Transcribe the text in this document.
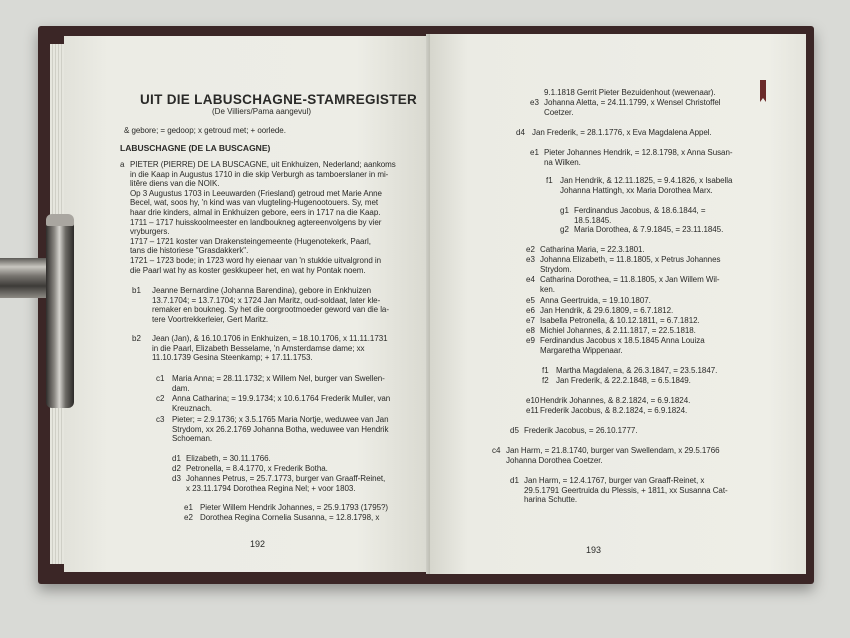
UIT DIE LABUSCHAGNE-STAMREGISTER
(De Villiers/Pama aangevul)
& gebore; = gedoop; x getroud met; + oorlede.
LABUSCHAGNE (DE LA BUSCAGNE)
192
a PIETER (PIERRE) DE LA BUSCAGNE, uit Enkhuizen, Nederland; aankoms
in die Kaap in Augustus 1710 in die skip Verburgh as tamboerslaner in mi-
litêre diens van die NOIK.
Op 3 Augustus 1703 in Leeuwarden (Friesland) getroud met Marie Anne
Becel, wat, soos hy, 'n kind was van vlugteling-Hugenootouers. Sy, met
haar drie kinders, almal in Enkhuizen gebore, eers in 1717 na die Kaap.
1711 – 1717 huisskoolmeester en landboukneg agtereenvolgens by vier
vryburgers.
1717 – 1721 koster van Drakensteingemeente (Hugenotekerk, Paarl,
tans die historiese "Grasdakkerk".
1721 – 1723 bode; in 1723 word hy eienaar van 'n stukkie uitvalgrond in
die Paarl wat hy as koster geskkupeer het, en wat hy Pontak noem.
b1 Jeanne Bernardine (Johanna Barendina), gebore in Enkhuizen
13.7.1704; = 13.7.1704; x 1724 Jan Maritz, oud-soldaat, later kle-
remaker en boukneg. Sy het die oorgrootmoeder geword van die la-
tere Voortrekkerleier, Gert Maritz.
b2 Jean (Jan), & 16.10.1706 in Enkhuizen, = 18.10.1706, x 11.11.1731
in die Paarl, Elizabeth Besselame, 'n Amsterdamse dame; xx
11.10.1739 Gesina Steenkamp; + 17.11.1753.
c1 Maria Anna; = 28.11.1732; x Willem Nel, burger van Swellen-
dam.
c2 Anna Catharina; = 19.9.1734; x 10.6.1764 Frederik Muller, van
Kreuznach.
c3 Pieter; = 2.9.1736; x 3.5.1765 Maria Nortje, weduwee van Jan
Strydom, xx 26.2.1769 Johanna Botha, weduwee van Hendrik
Schoeman.
d1 Elizabeth, = 30.11.1766.
d2 Petronella, = 8.4.1770, x Frederik Botha.
d3 Johannes Petrus, = 25.7.1773, burger van Graaff-Reinet,
x 23.11.1794 Dorothea Regina Nel; + voor 1803.
e1 Pieter Willem Hendrik Johannes, = 25.9.1793 (1795?)
e2 Dorothea Regina Cornelia Susanna, = 12.8.1798, x
193
9.1.1818 Gerrit Pieter Bezuidenhout (wewenaar).
e3 Johanna Aletta, = 24.11.1799, x Wensel Christoffel
Coetzer.
d4 Jan Frederik, = 28.1.1776, x Eva Magdalena Appel.
e1 Pieter Johannes Hendrik, = 12.8.1798, x Anna Susan-
na Wilken.
f1 Jan Hendrik, & 12.11.1825, = 9.4.1826, x Isabella
Johanna Hattingh, xx Maria Dorothea Marx.
g1 Ferdinandus Jacobus, & 18.6.1844, =
18.5.1845.
g2 Maria Dorothea, & 7.9.1845, = 23.11.1845.
e2 Catharina Maria, = 22.3.1801.
e3 Johanna Elizabeth, = 11.8.1805, x Petrus Johannes
Strydom.
e4 Catharina Dorothea, = 11.8.1805, x Jan Willem Wil-
ken.
e5 Anna Geertruida, = 19.10.1807.
e6 Jan Hendrik, & 29.6.1809, = 6.7.1812.
e7 Isabella Petronella, & 10.12.1811, = 6.7.1812.
e8 Michiel Johannes, & 2.11.1817, = 22.5.1818.
e9 Ferdinandus Jacobus x 18.5.1845 Anna Louiza
Margaretha Wippenaar.
f1 Martha Magdalena, & 26.3.1847, = 23.5.1847.
f2 Jan Frederik, & 22.2.1848, = 6.5.1849.
e10 Hendrik Johannes, & 8.2.1824, = 6.9.1824.
e11 Frederik Jacobus, & 8.2.1824, = 6.9.1824.
d5 Frederik Jacobus, = 26.10.1777.
c4 Jan Harm, = 21.8.1740, burger van Swellendam, x 29.5.1766
Johanna Dorothea Coetzer.
d1 Jan Harm, = 12.4.1767, burger van Graaff-Reinet, x
29.5.1791 Geertruida du Plessis, + 1811, xx Susanna Cat-
harina Schutte.
